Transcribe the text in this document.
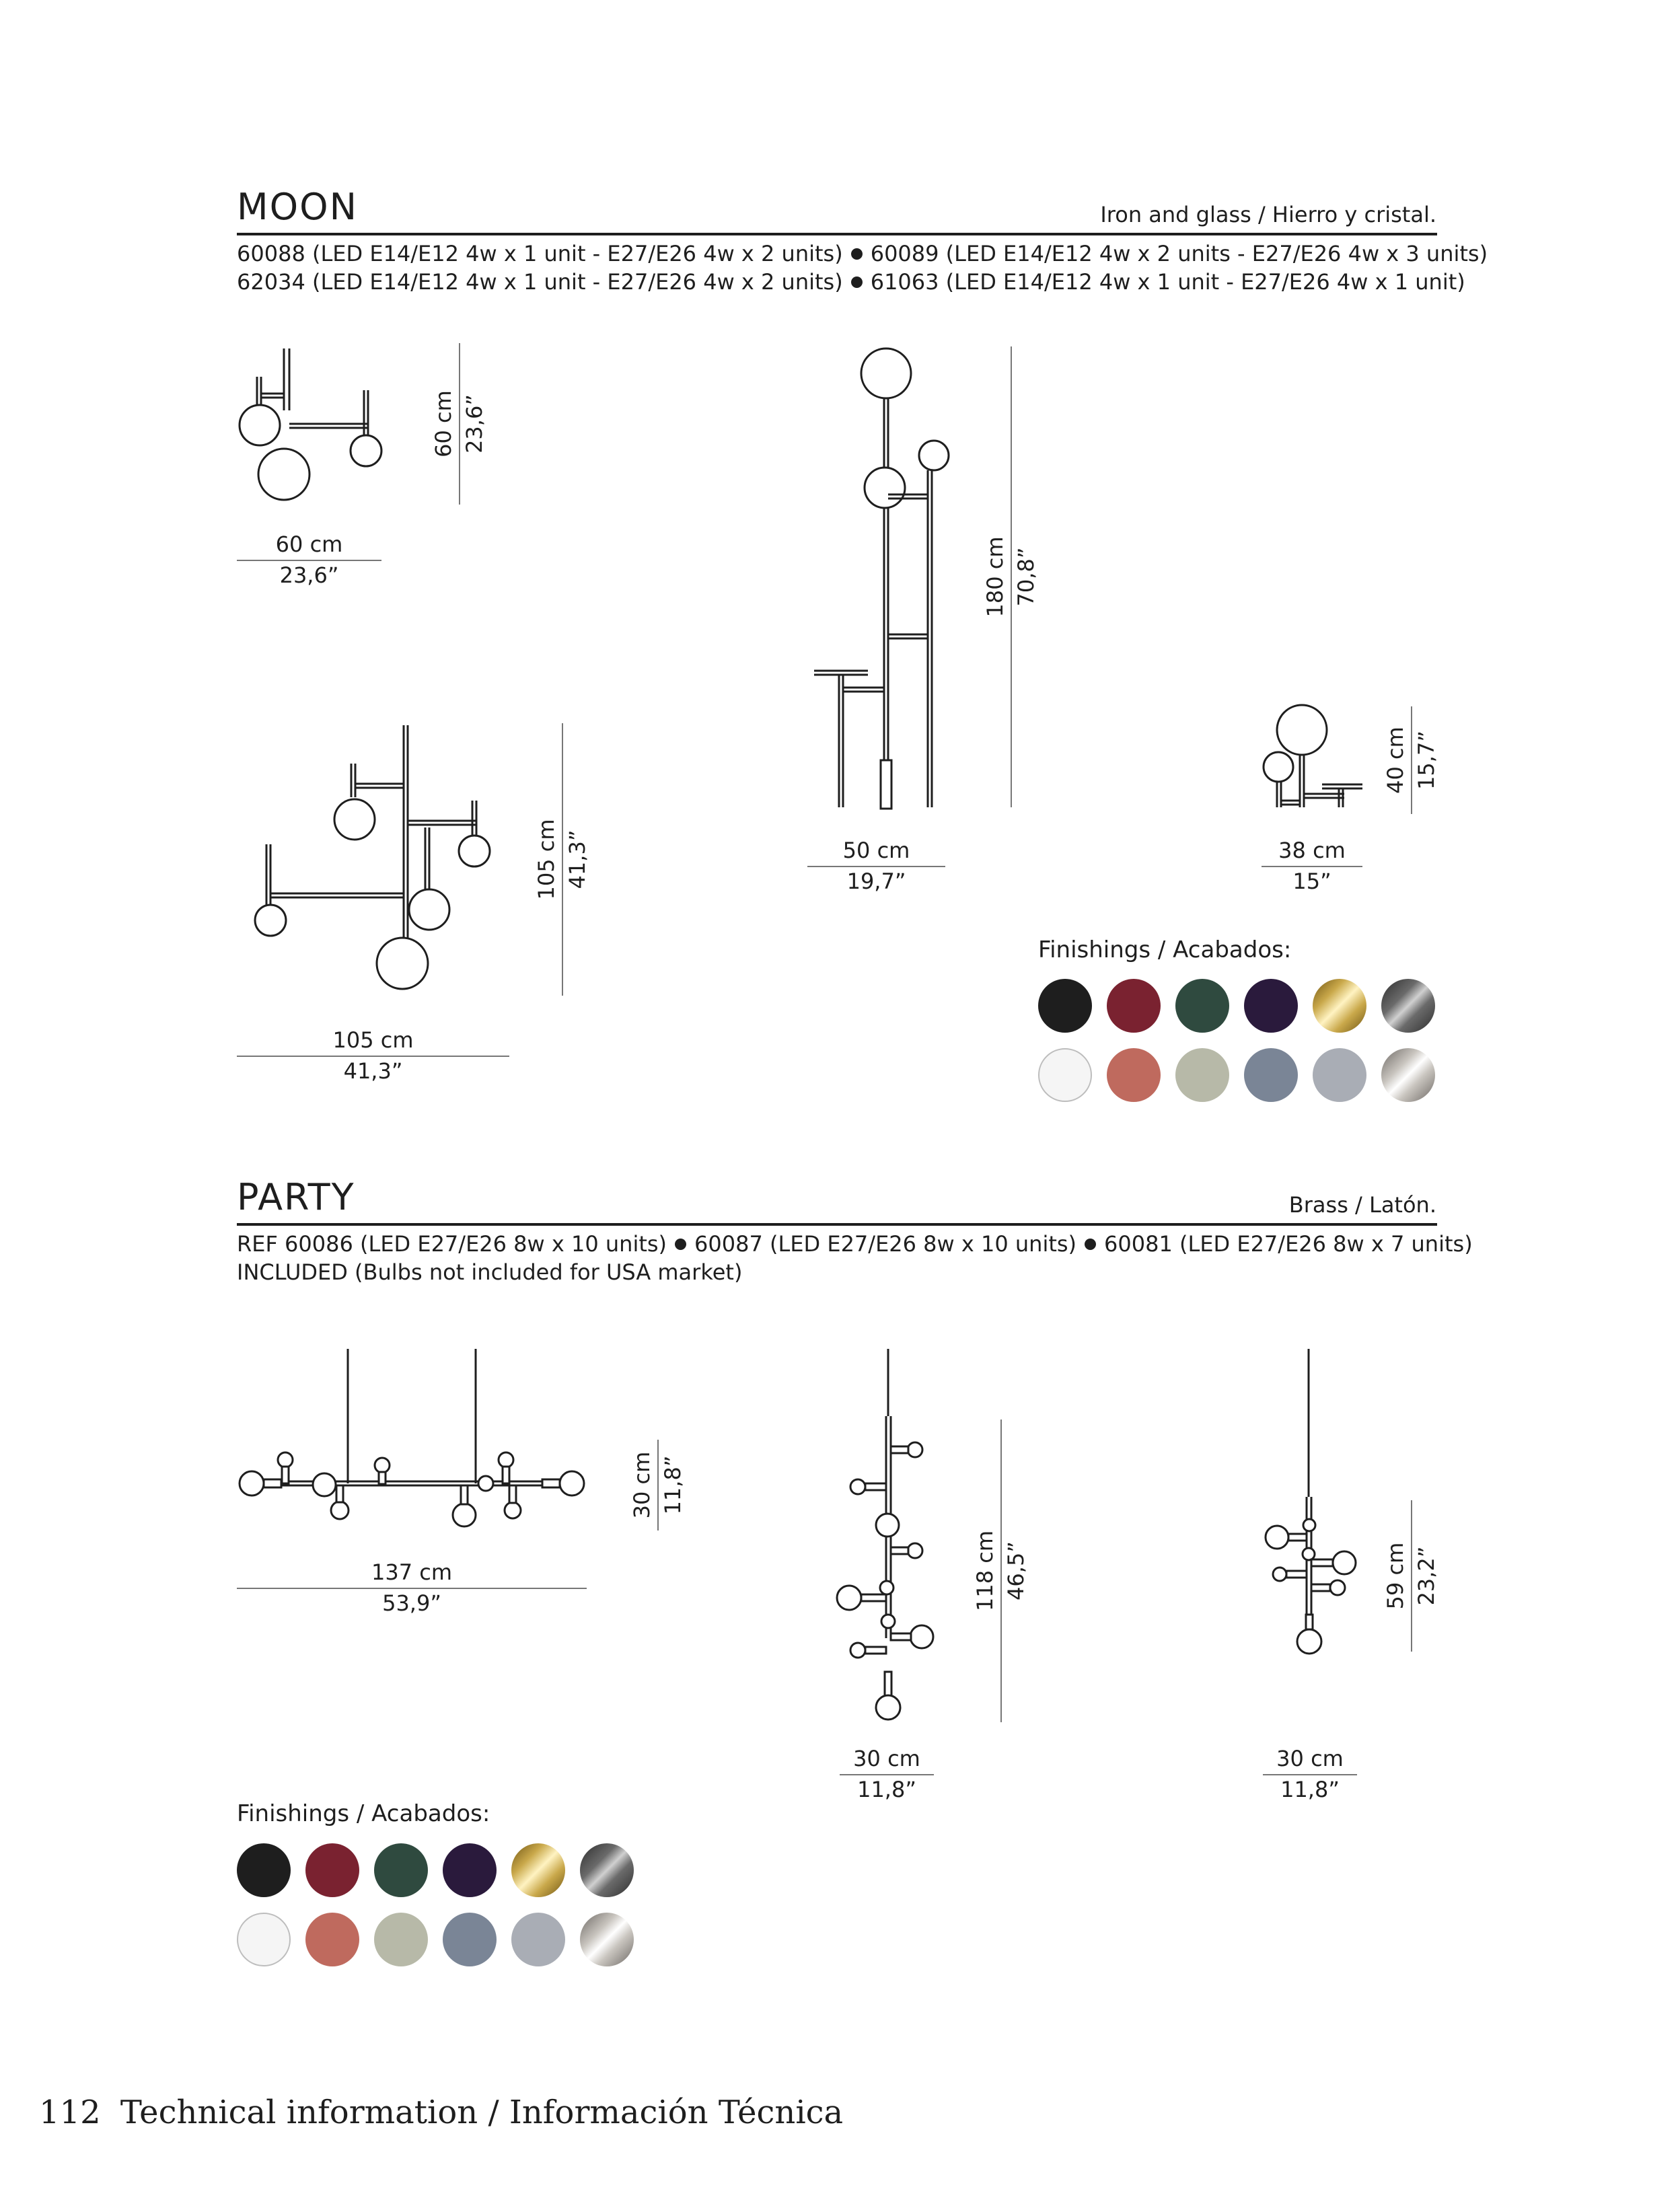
MOON	Iron and glass / Hierro y cristal.
60088 (LED E14/E12 4w x 1 unit - E27/E26 4w x 2 units) 60089 (LED E14/E12 4w x 2 units - E27/E26 4w x 3 units)
62034 (LED E14/E12 4w x 1 unit - E27/E26 4w x 2 units) 61063 (LED E14/E12 4w x 1 unit - E27/E26 4w x 1 unit)
60 cm 23,6”
60 cm
23,6”	180 cm 70,8”
50 cm
19,7”
105 cm 41,3”
105 cm
41,3”
40 cm 15,7”
38 cm
15”
Finishings / Acabados:
PARTY	Brass / Latón.
REF 60086 (LED E27/E26 8w x 10 units) 60087 (LED E27/E26 8w x 10 units) 60081 (LED E27/E26 8w x 7 units)
INCLUDED (Bulbs not included for USA market)
30 cm 11,8”
137 cm
53,9”	118 cm 46,5”
30 cm
11,8”
59 cm 23,2”
30 cm
11,8”
Finishings / Acabados:
112 Technical information / Información Técnica
